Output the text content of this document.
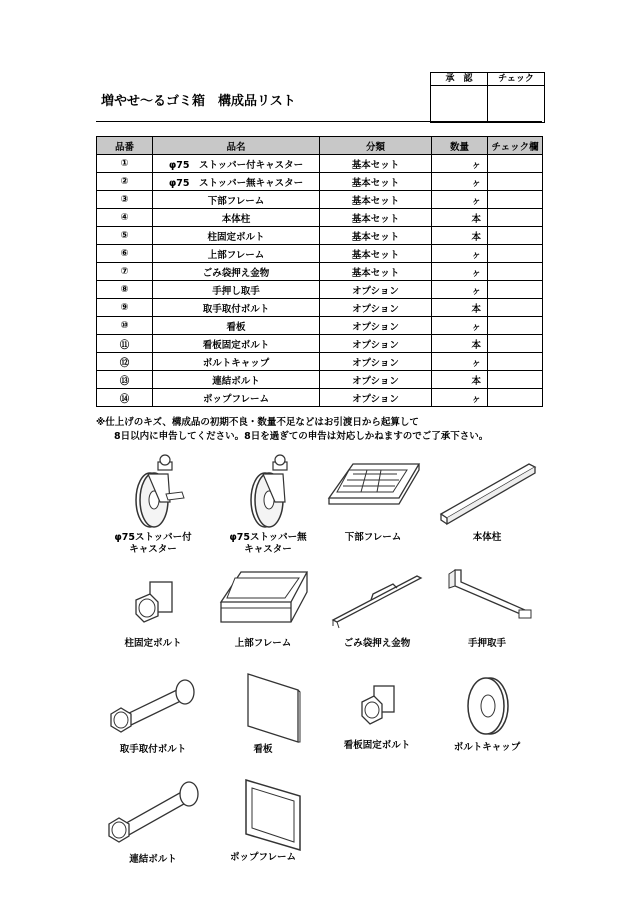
増やせ～るゴミ箱　構成品リスト
承　認	チェック

品番	品名	分類	数量	チェック欄
①	φ75　ストッパー付キャスター	基本セット	ヶ	
②	φ75　ストッパー無キャスター	基本セット	ヶ	
③	下部フレーム	基本セット	ヶ	
④	本体柱	基本セット	本	
⑤	柱固定ボルト	基本セット	本	
⑥	上部フレーム	基本セット	ヶ	
⑦	ごみ袋押え金物	基本セット	ヶ	
⑧	手押し取手	オプション	ヶ	
⑨	取手取付ボルト	オプション	本	
⑩	看板	オプション	ヶ	
⑪	看板固定ボルト	オプション	本	
⑫	ボルトキャップ	オプション	ヶ	
⑬	連結ボルト	オプション	本	
⑭	ポップフレーム	オプション	ヶ	
※仕上げのキズ、構成品の初期不良・数量不足などはお引渡日から起算して
8日以内に申告してください。8日を過ぎての申告は対応しかねますのでご了承下さい。
φ75ストッパー付
キャスター
φ75ストッパー無
キャスター
下部フレーム	本体柱
柱固定ボルト	上部フレーム	ごみ袋押え金物	手押取手
取手取付ボルト	看板	看板固定ボルト	ボルトキャップ
連結ボルト	ポップフレーム
